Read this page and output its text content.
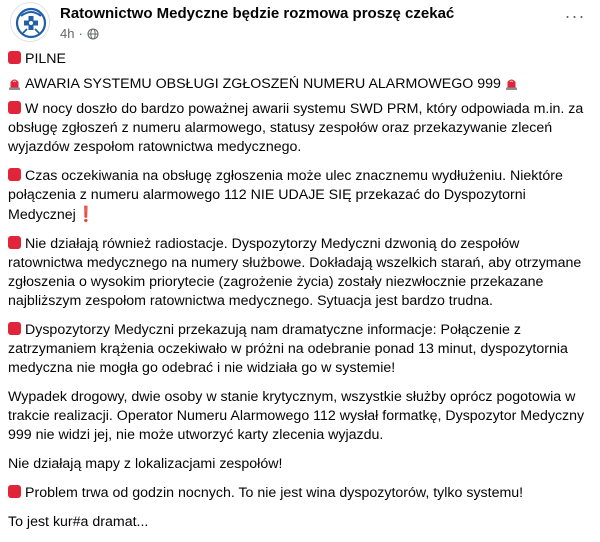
Ratownictwo Medyczne będzie rozmowa proszę czekać
4h ·
···
PILNE
AWARIA SYSTEMU OBSŁUGI ZGŁOSZEŃ NUMERU ALARMOWEGO 999
W nocy doszło do bardzo poważnej awarii systemu SWD PRM, który odpowiada m.in. za obsługę zgłoszeń z numeru alarmowego, statusy zespołów oraz przekazywanie zleceń wyjazdów zespołom ratownictwa medycznego.
Czas oczekiwania na obsługę zgłoszenia może ulec znacznemu wydłużeniu. Niektóre połączenia z numeru alarmowego 112 NIE UDAJE SIĘ przekazać do Dyspozytorni Medycznej❗
Nie działają również radiostacje. Dyspozytorzy Medyczni dzwonią do zespołów ratownictwa medycznego na numery służbowe. Dokładają wszelkich starań, aby otrzymane zgłoszenia o wysokim priorytecie (zagrożenie życia) zostały niezwłocznie przekazane najbliższym zespołom ratownictwa medycznego. Sytuacja jest bardzo trudna.
Dyspozytorzy Medyczni przekazują nam dramatyczne informacje: Połączenie z zatrzymaniem krążenia oczekiwało w próżni na odebranie ponad 13 minut, dyspozytornia medyczna nie mogła go odebrać i nie widziała go w systemie!
Wypadek drogowy, dwie osoby w stanie krytycznym, wszystkie służby oprócz pogotowia w trakcie realizacji. Operator Numeru Alarmowego 112 wysłał formatkę, Dyspozytor Medyczny 999 nie widzi jej, nie może utworzyć karty zlecenia wyjazdu.
Nie działają mapy z lokalizacjami zespołów!
Problem trwa od godzin nocnych. To nie jest wina dyspozytorów, tylko systemu!
To jest kur#a dramat...
